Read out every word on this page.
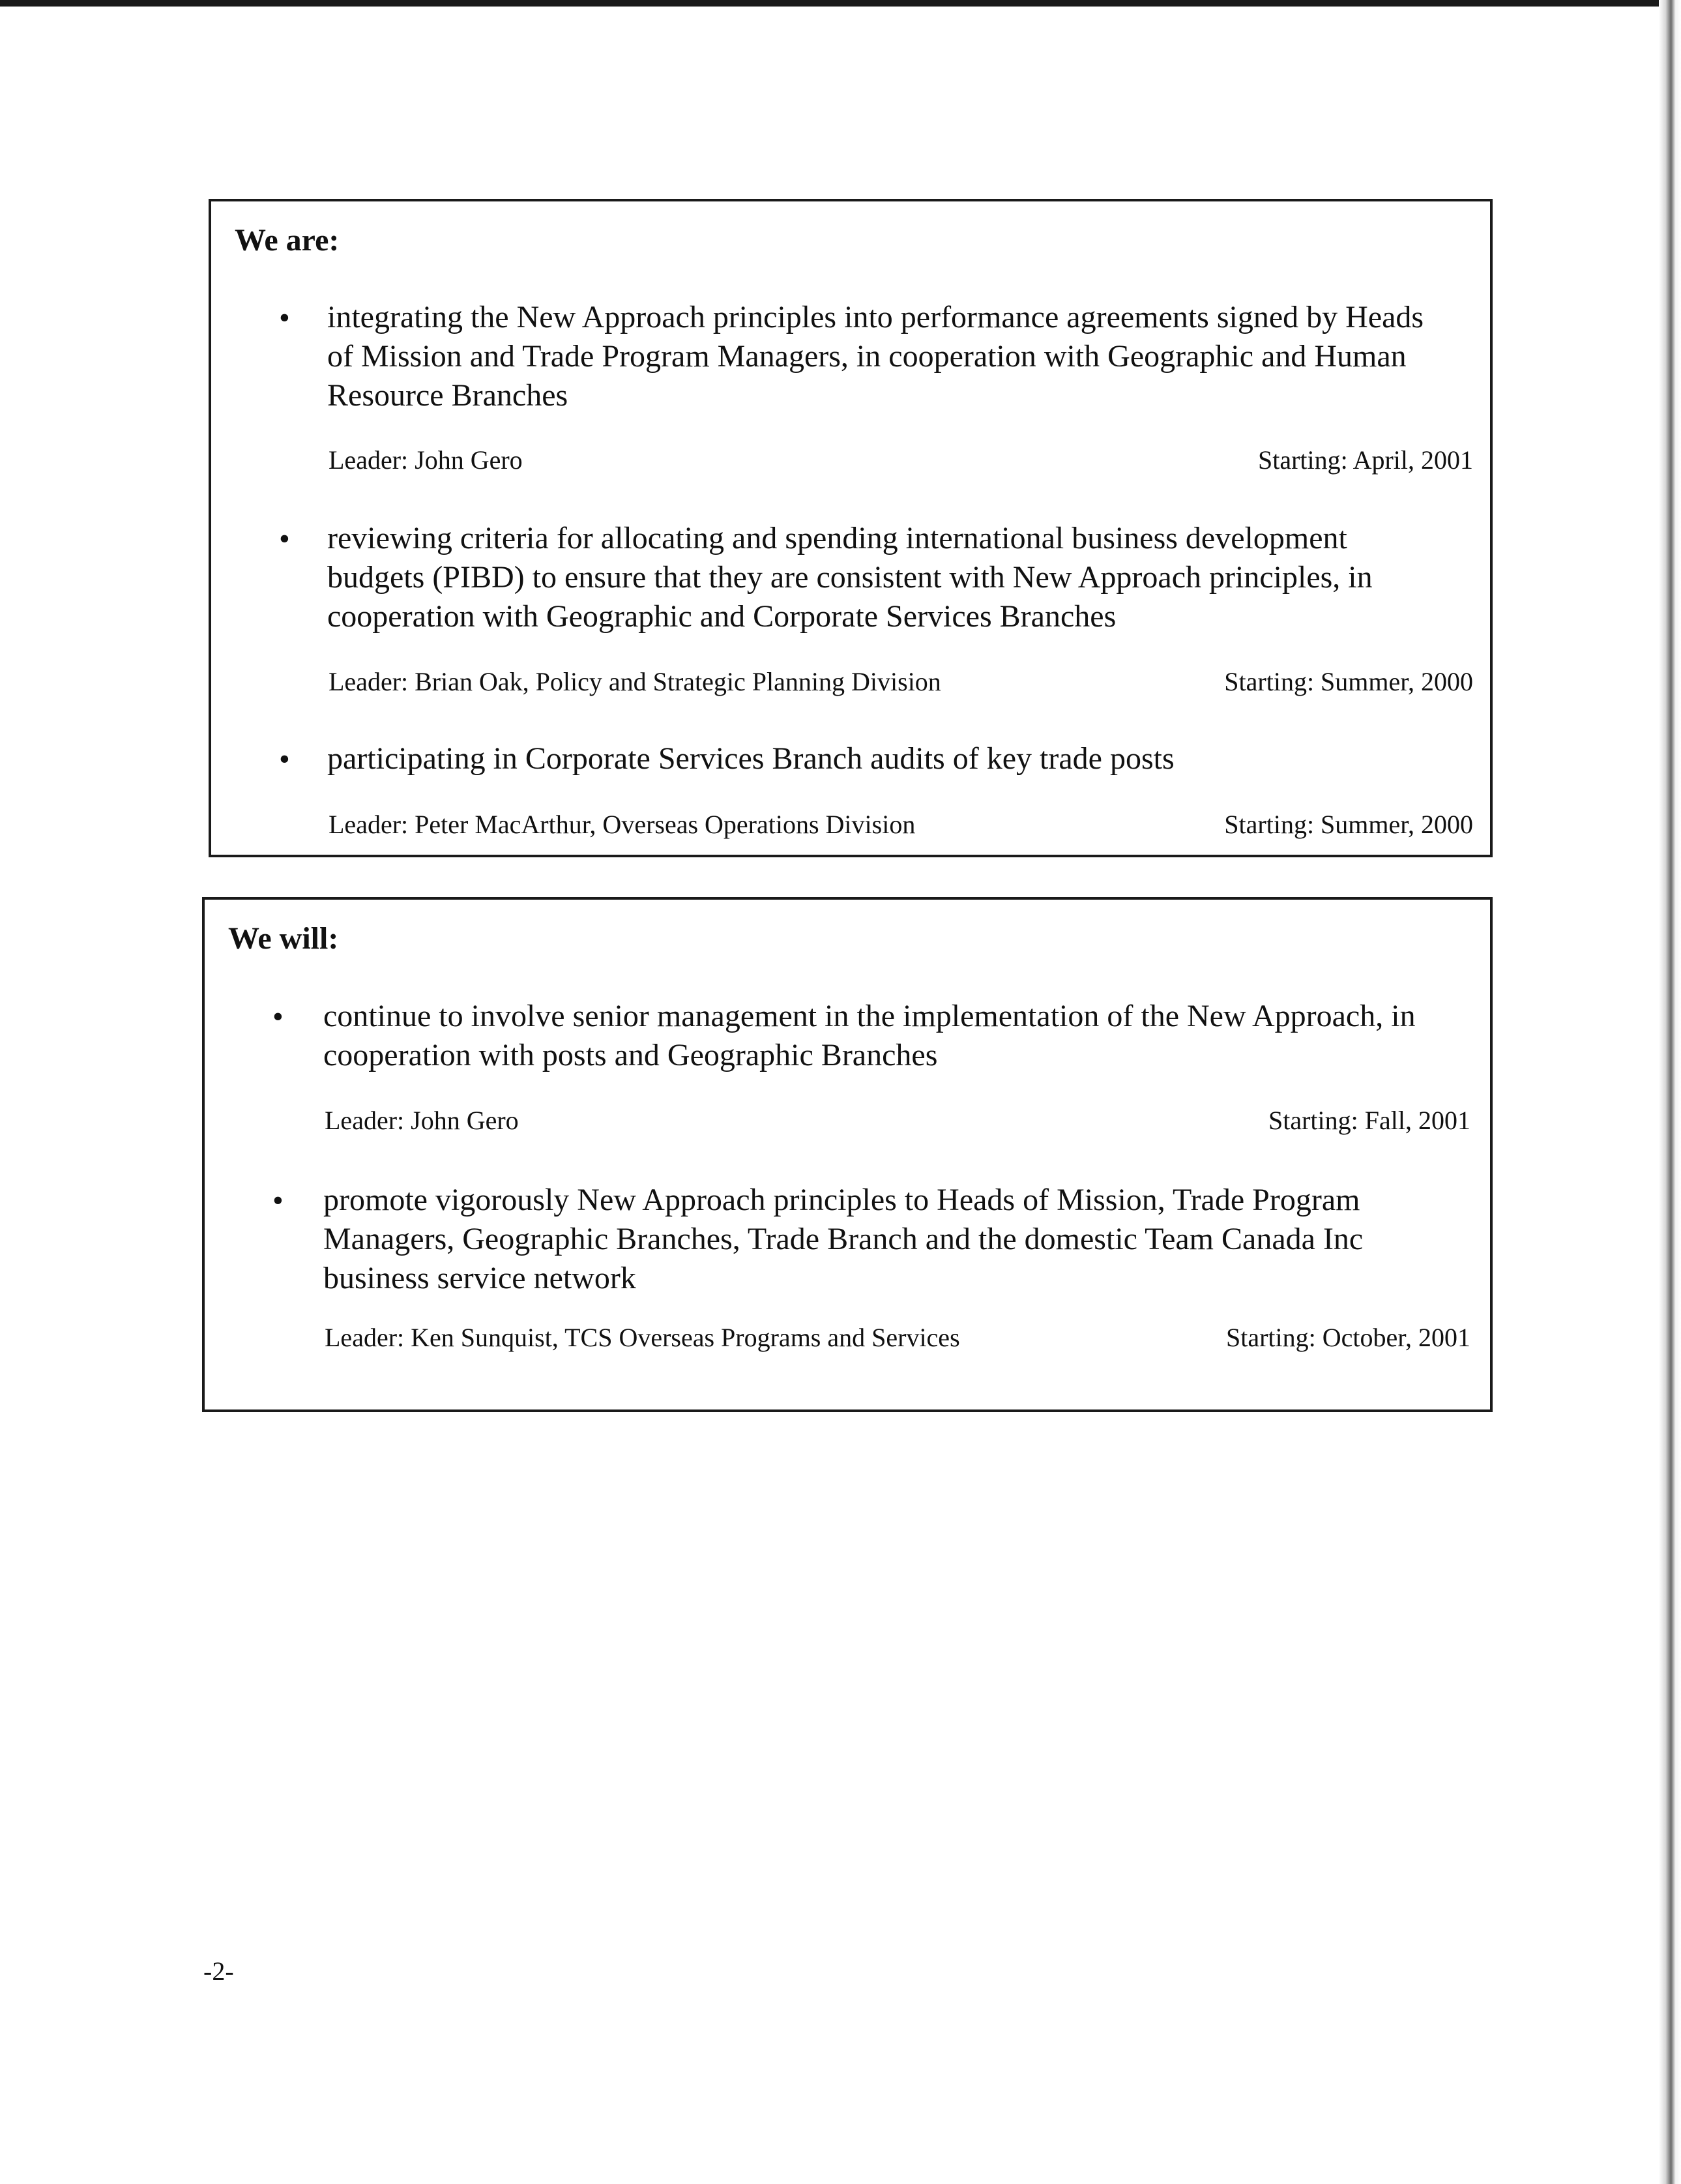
We are:
• integrating the New Approach principles into performance agreements signed by Heads
of Mission and Trade Program Managers, in cooperation with Geographic and Human
Resource Branches
Leader: John Gero	Starting: April, 2001
• reviewing criteria for allocating and spending international business development
budgets (PIBD) to ensure that they are consistent with New Approach principles, in
cooperation with Geographic and Corporate Services Branches
Leader: Brian Oak, Policy and Strategic Planning Division	Starting: Summer, 2000
• participating in Corporate Services Branch audits of key trade posts
Leader: Peter MacArthur, Overseas Operations Division	Starting: Summer, 2000
We will:
• continue to involve senior management in the implementation of the New Approach, in
cooperation with posts and Geographic Branches
Leader: John Gero	Starting: Fall, 2001
• promote vigorously New Approach principles to Heads of Mission, Trade Program
Managers, Geographic Branches, Trade Branch and the domestic Team Canada Inc
business service network
Leader: Ken Sunquist, TCS Overseas Programs and Services	Starting: October, 2001
-2-
